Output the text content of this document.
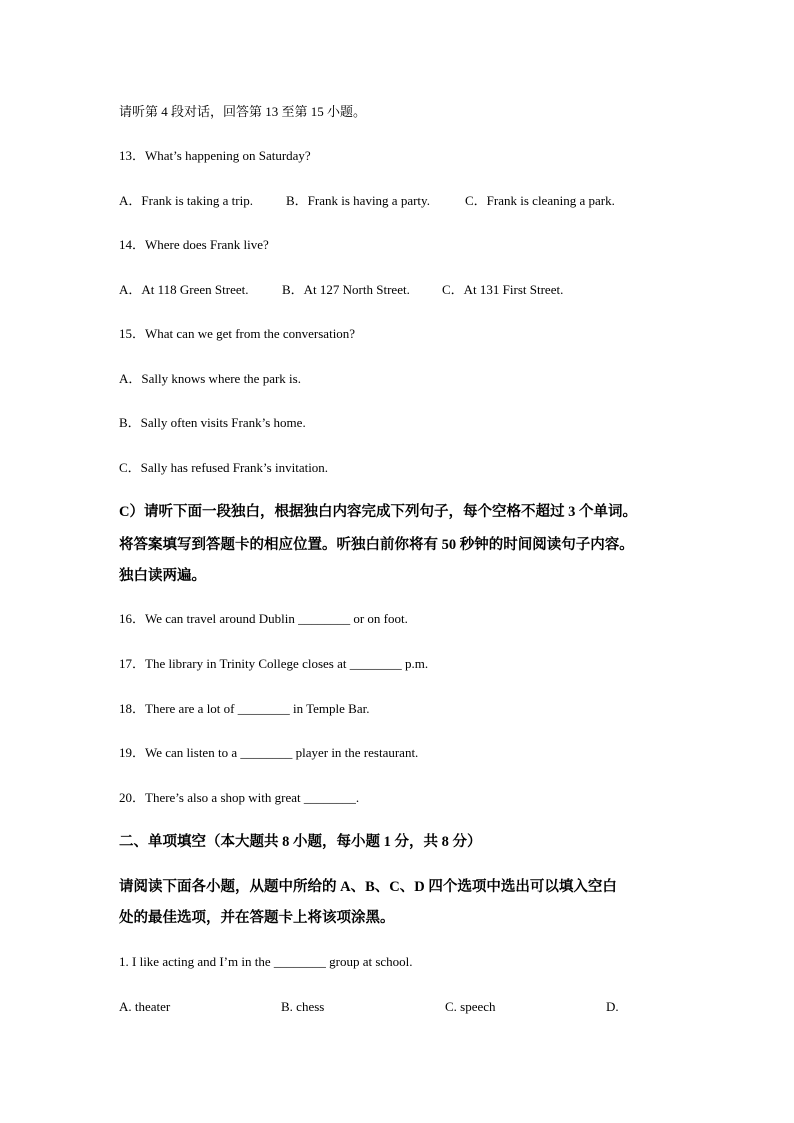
请听第 4 段对话，回答第 13 至第 15 小题。
13．What’s happening on Saturday?
A．Frank is taking a trip.	B．Frank is having a party.	C．Frank is cleaning a park.
14．Where does Frank live?
A．At 118 Green Street.	B．At 127 North Street. C．At 131 First Street.
15．What can we get from the conversation?
A．Sally knows where the park is.
B．Sally often visits Frank’s home.
C．Sally has refused Frank’s invitation.
C）请听下面一段独白，根据独白内容完成下列句子，每个空格不超过 3 个单词。
将答案填写到答题卡的相应位置。听独白前你将有 50 秒钟的时间阅读句子内容。
独白读两遍。
16．We can travel around Dublin ________ or on foot.
17．The library in Trinity College closes at ________ p.m.
18．There are a lot of ________ in Temple Bar.
19．We can listen to a ________ player in the restaurant.
20．There’s also a shop with great ________.
二、单项填空（本大题共 8 小题，每小题 1 分，共 8 分）
请阅读下面各小题，从题中所给的 A、B、C、D 四个选项中选出可以填入空白
处的最佳选项，并在答题卡上将该项涂黑。
1. I like acting and I’m in the ________ group at school.
A. theater	B. chess	C. speech	D.
